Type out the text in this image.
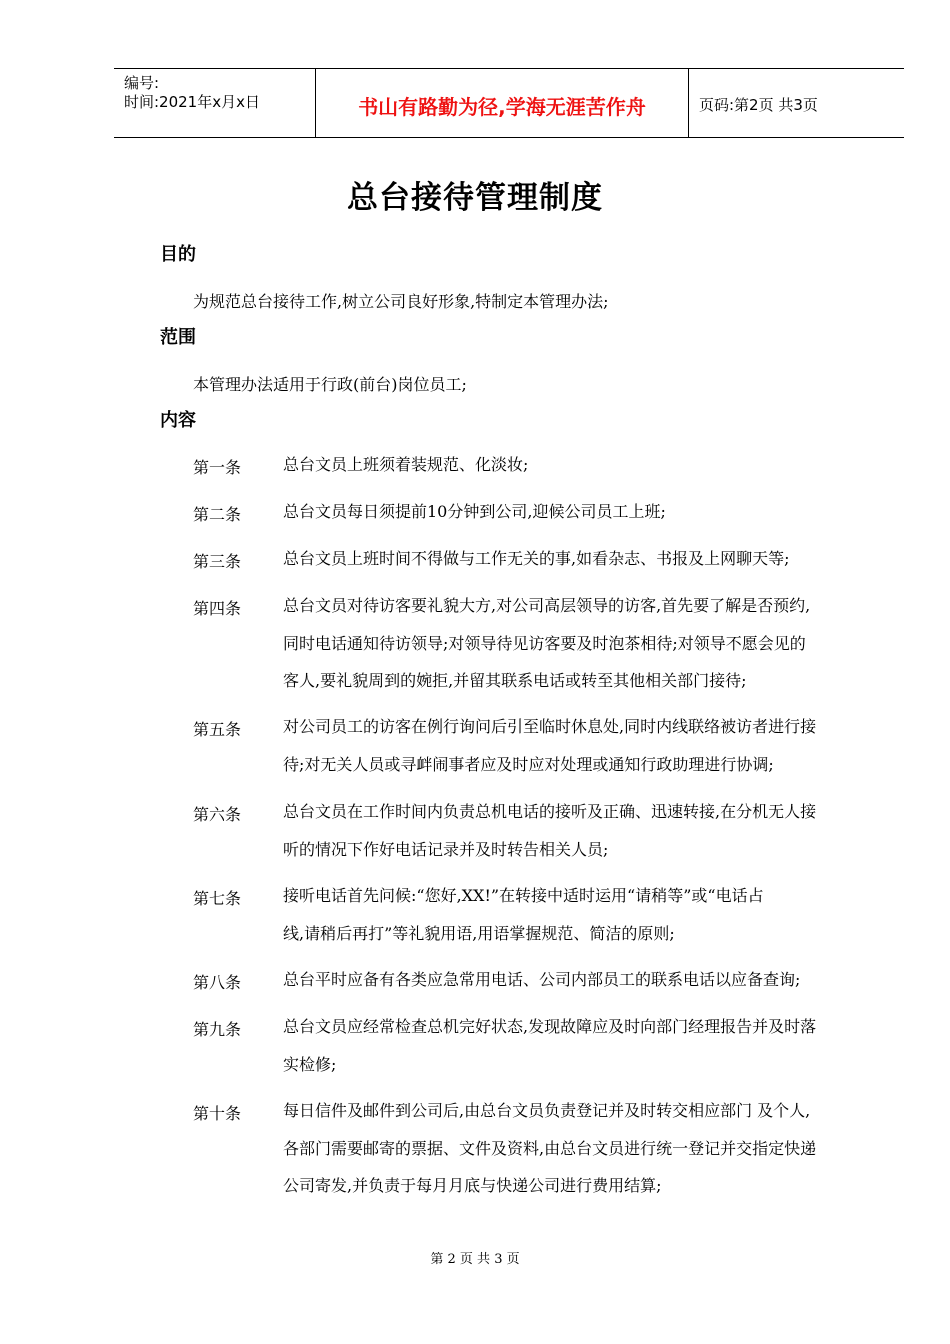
编号:
时间:2021年x月x日	书山有路勤为径,学海无涯苦作舟	页码:第2页 共3页
总台接待管理制度
目的
为规范总台接待工作,树立公司良好形象,特制定本管理办法;
范围
本管理办法适用于行政(前台)岗位员工;
内容
第一条	总台文员上班须着装规范、化淡妆;
第二条	总台文员每日须提前10分钟到公司,迎候公司员工上班;
第三条	总台文员上班时间不得做与工作无关的事,如看杂志、书报及上网聊天等;
第四条	总台文员对待访客要礼貌大方,对公司高层领导的访客,首先要了解是否预约,
同时电话通知待访领导;对领导待见访客要及时泡茶相待;对领导不愿会见的
客人,要礼貌周到的婉拒,并留其联系电话或转至其他相关部门接待;
第五条	对公司员工的访客在例行询问后引至临时休息处,同时内线联络被访者进行接
待;对无关人员或寻衅闹事者应及时应对处理或通知行政助理进行协调;
第六条	总台文员在工作时间内负责总机电话的接听及正确、迅速转接,在分机无人接
听的情况下作好电话记录并及时转告相关人员;
第七条	接听电话首先问候:“您好,XX!”在转接中适时运用“请稍等”或“电话占
线,请稍后再打”等礼貌用语,用语掌握规范、简洁的原则;
第八条	总台平时应备有各类应急常用电话、公司内部员工的联系电话以应备查询;
第九条	总台文员应经常检查总机完好状态,发现故障应及时向部门经理报告并及时落
实检修;
第十条	每日信件及邮件到公司后,由总台文员负责登记并及时转交相应部门 及个人,
各部门需要邮寄的票据、文件及资料,由总台文员进行统一登记并交指定快递
公司寄发,并负责于每月月底与快递公司进行费用结算;
第 2 页 共 3 页
